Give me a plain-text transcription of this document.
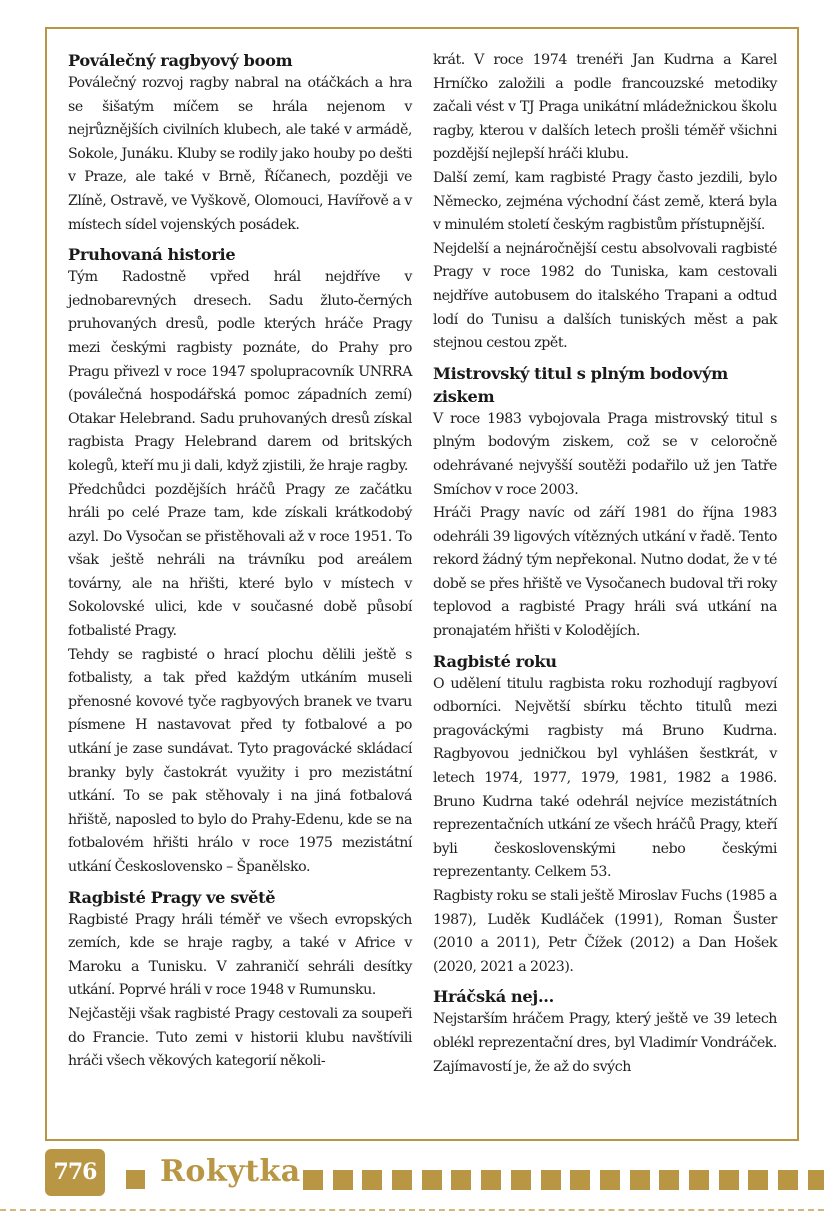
Poválečný ragbyový boom

Poválečný rozvoj ragby nabral na otáčkách a hra se šišatým míčem se hrála nejenom v nejrůznějších civilních klubech, ale také v armádě, Sokole, Junáku. Kluby se rodily jako houby po dešti v Praze, ale také v Brně, Říčanech, později ve Zlíně, Ostravě, ve Vyškově, Olomouci, Havířově a v místech sídel vojenských posádek.

Pruhovaná historie

Tým Radostně vpřed hrál nejdříve v jednobarevných dresech. Sadu žluto-černých pruhovaných dresů, podle kterých hráče Pragy mezi českými ragbisty poznáte, do Prahy pro Pragu přivezl v roce 1947 spolupracovník UNRRA (poválečná hospodářská pomoc západních zemí) Otakar Helebrand. Sadu pruhovaných dresů získal ragbista Pragy Helebrand darem od britských kolegů, kteří mu ji dali, když zjistili, že hraje ragby.

Předchůdci pozdějších hráčů Pragy ze začátku hráli po celé Praze tam, kde získali krátkodobý azyl. Do Vysočan se přistěhovali až v roce 1951. To však ještě nehráli na trávníku pod areálem továrny, ale na hřišti, které bylo v místech v Sokolovské ulici, kde v současné době působí fotbalisté Pragy.

Tehdy se ragbisté o hrací plochu dělili ještě s fotbalisty, a tak před každým utkáním museli přenosné kovové tyče ragbyových branek ve tvaru písmene H nastavovat před ty fotbalové a po utkání je zase sundávat. Tyto pragovácké skládací branky byly častokrát využity i pro mezistátní utkání. To se pak stěhovaly i na jiná fotbalová hřiště, naposled to bylo do Prahy-Edenu, kde se na fotbalovém hřišti hrálo v roce 1975 mezistátní utkání Československo – Španělsko.

Ragbisté Pragy ve světě

Ragbisté Pragy hráli téměř ve všech evropských zemích, kde se hraje ragby, a také v Africe v Maroku a Tunisku. V zahraničí sehráli desítky utkání. Poprvé hráli v roce 1948 v Rumunsku.

Nejčastěji však ragbisté Pragy cestovali za soupeři do Francie. Tuto zemi v historii klubu navštívili hráči všech věkových kategorií několi-

krát. V roce 1974 trenéři Jan Kudrna a Karel Hrníčko založili a podle francouzské metodiky začali vést v TJ Praga unikátní mládežnickou školu ragby, kterou v dalších letech prošli téměř všichni pozdější nejlepší hráči klubu.

Další zemí, kam ragbisté Pragy často jezdili, bylo Německo, zejména východní část země, která byla v minulém století českým ragbistům přístupnější.

Nejdelší a nejnáročnější cestu absolvovali ragbisté Pragy v roce 1982 do Tuniska, kam cestovali nejdříve autobusem do italského Trapani a odtud lodí do Tunisu a dalších tuniských měst a pak stejnou cestou zpět.

Mistrovský titul s plným bodovým ziskem

V roce 1983 vybojovala Praga mistrovský titul s plným bodovým ziskem, což se v celoročně odehrávané nejvyšší soutěži podařilo už jen Tatře Smíchov v roce 2003.

Hráči Pragy navíc od září 1981 do října 1983 odehráli 39 ligových vítězných utkání v řadě. Tento rekord žádný tým nepřekonal. Nutno dodat, že v té době se přes hřiště ve Vysočanech budoval tři roky teplovod a ragbisté Pragy hráli svá utkání na pronajatém hřišti v Kolodějích.

Ragbisté roku

O udělení titulu ragbista roku rozhodují ragbyoví odborníci. Největší sbírku těchto titulů mezi pragováckými ragbisty má Bruno Kudrna. Ragbyovou jedničkou byl vyhlášen šestkrát, v letech 1974, 1977, 1979, 1981, 1982 a 1986. Bruno Kudrna také odehrál nejvíce mezistátních reprezentačních utkání ze všech hráčů Pragy, kteří byli československými nebo českými reprezentanty. Celkem 53.

Ragbisty roku se stali ještě Miroslav Fuchs (1985 a 1987), Luděk Kudláček (1991), Roman Šuster (2010 a 2011), Petr Čížek (2012) a Dan Hošek (2020, 2021 a 2023).

Hráčská nej...

Nejstarším hráčem Pragy, který ještě ve 39 letech oblékl reprezentační dres, byl Vladimír Vondráček. Zajímavostí je, že až do svých

776 Rokytka
